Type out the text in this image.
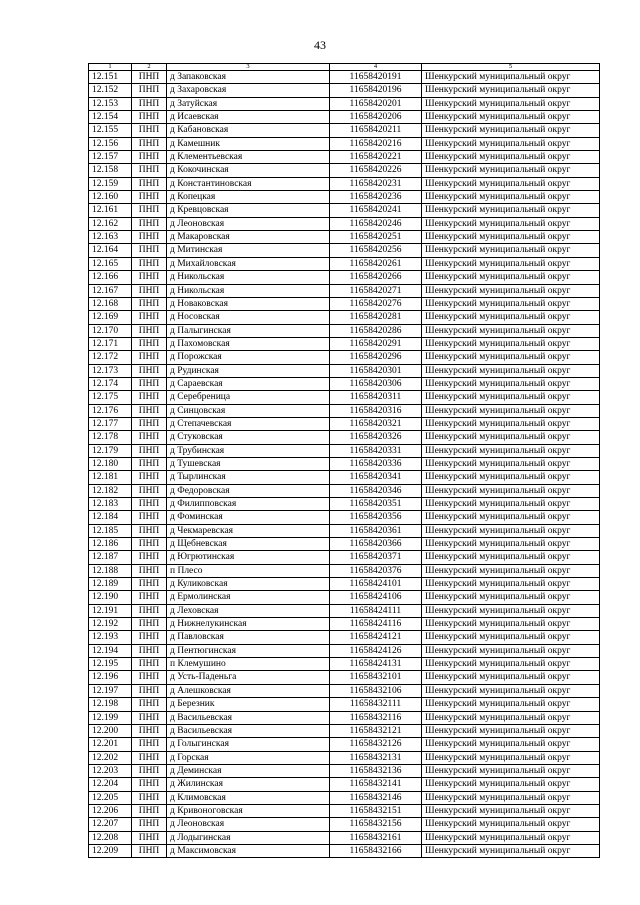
43
1	2	3	4	5
12.151	ПНП	д Запаковская	11658420191	Шенкурский муниципальный округ
12.152	ПНП	д Захаровская	11658420196	Шенкурский муниципальный округ
12.153	ПНП	д Затуйская	11658420201	Шенкурский муниципальный округ
12.154	ПНП	д Исаевская	11658420206	Шенкурский муниципальный округ
12.155	ПНП	д Кабановская	11658420211	Шенкурский муниципальный округ
12.156	ПНП	д Камешник	11658420216	Шенкурский муниципальный округ
12.157	ПНП	д Клементьевская	11658420221	Шенкурский муниципальный округ
12.158	ПНП	д Кокочинская	11658420226	Шенкурский муниципальный округ
12.159	ПНП	д Константиновская	11658420231	Шенкурский муниципальный округ
12.160	ПНП	д Копецкая	11658420236	Шенкурский муниципальный округ
12.161	ПНП	д Кревцовская	11658420241	Шенкурский муниципальный округ
12.162	ПНП	д Леоновская	11658420246	Шенкурский муниципальный округ
12.163	ПНП	д Макаровская	11658420251	Шенкурский муниципальный округ
12.164	ПНП	д Митинская	11658420256	Шенкурский муниципальный округ
12.165	ПНП	д Михайловская	11658420261	Шенкурский муниципальный округ
12.166	ПНП	д Никольская	11658420266	Шенкурский муниципальный округ
12.167	ПНП	д Никольская	11658420271	Шенкурский муниципальный округ
12.168	ПНП	д Новаковская	11658420276	Шенкурский муниципальный округ
12.169	ПНП	д Носовская	11658420281	Шенкурский муниципальный округ
12.170	ПНП	д Палыгинская	11658420286	Шенкурский муниципальный округ
12.171	ПНП	д Пахомовская	11658420291	Шенкурский муниципальный округ
12.172	ПНП	д Порожская	11658420296	Шенкурский муниципальный округ
12.173	ПНП	д Рудинская	11658420301	Шенкурский муниципальный округ
12.174	ПНП	д Сараевская	11658420306	Шенкурский муниципальный округ
12.175	ПНП	д Серебреница	11658420311	Шенкурский муниципальный округ
12.176	ПНП	д Синцовская	11658420316	Шенкурский муниципальный округ
12.177	ПНП	д Степачевская	11658420321	Шенкурский муниципальный округ
12.178	ПНП	д Стуковская	11658420326	Шенкурский муниципальный округ
12.179	ПНП	д Трубинская	11658420331	Шенкурский муниципальный округ
12.180	ПНП	д Тушевская	11658420336	Шенкурский муниципальный округ
12.181	ПНП	д Тырлинская	11658420341	Шенкурский муниципальный округ
12.182	ПНП	д Федоровская	11658420346	Шенкурский муниципальный округ
12.183	ПНП	д Филипповская	11658420351	Шенкурский муниципальный округ
12.184	ПНП	д Фоминская	11658420356	Шенкурский муниципальный округ
12.185	ПНП	д Чекмаревская	11658420361	Шенкурский муниципальный округ
12.186	ПНП	д Щебневская	11658420366	Шенкурский муниципальный округ
12.187	ПНП	д Югрютинская	11658420371	Шенкурский муниципальный округ
12.188	ПНП	п Плесо	11658420376	Шенкурский муниципальный округ
12.189	ПНП	д Куликовская	11658424101	Шенкурский муниципальный округ
12.190	ПНП	д Ермолинская	11658424106	Шенкурский муниципальный округ
12.191	ПНП	д Леховская	11658424111	Шенкурский муниципальный округ
12.192	ПНП	д Нижнелукинская	11658424116	Шенкурский муниципальный округ
12.193	ПНП	д Павловская	11658424121	Шенкурский муниципальный округ
12.194	ПНП	д Пентюгинская	11658424126	Шенкурский муниципальный округ
12.195	ПНП	п Клемушино	11658424131	Шенкурский муниципальный округ
12.196	ПНП	д Усть-Паденьга	11658432101	Шенкурский муниципальный округ
12.197	ПНП	д Алешковская	11658432106	Шенкурский муниципальный округ
12.198	ПНП	д Березник	11658432111	Шенкурский муниципальный округ
12.199	ПНП	д Васильевская	11658432116	Шенкурский муниципальный округ
12.200	ПНП	д Васильевская	11658432121	Шенкурский муниципальный округ
12.201	ПНП	д Голыгинская	11658432126	Шенкурский муниципальный округ
12.202	ПНП	д Горская	11658432131	Шенкурский муниципальный округ
12.203	ПНП	д Деминская	11658432136	Шенкурский муниципальный округ
12.204	ПНП	д Жилинская	11658432141	Шенкурский муниципальный округ
12.205	ПНП	д Климовская	11658432146	Шенкурский муниципальный округ
12.206	ПНП	д Кривоногoвская	11658432151	Шенкурский муниципальный округ
12.207	ПНП	д Леоновская	11658432156	Шенкурский муниципальный округ
12.208	ПНП	д Лодыгинская	11658432161	Шенкурский муниципальный округ
12.209	ПНП	д Максимовская	11658432166	Шенкурский муниципальный округ
